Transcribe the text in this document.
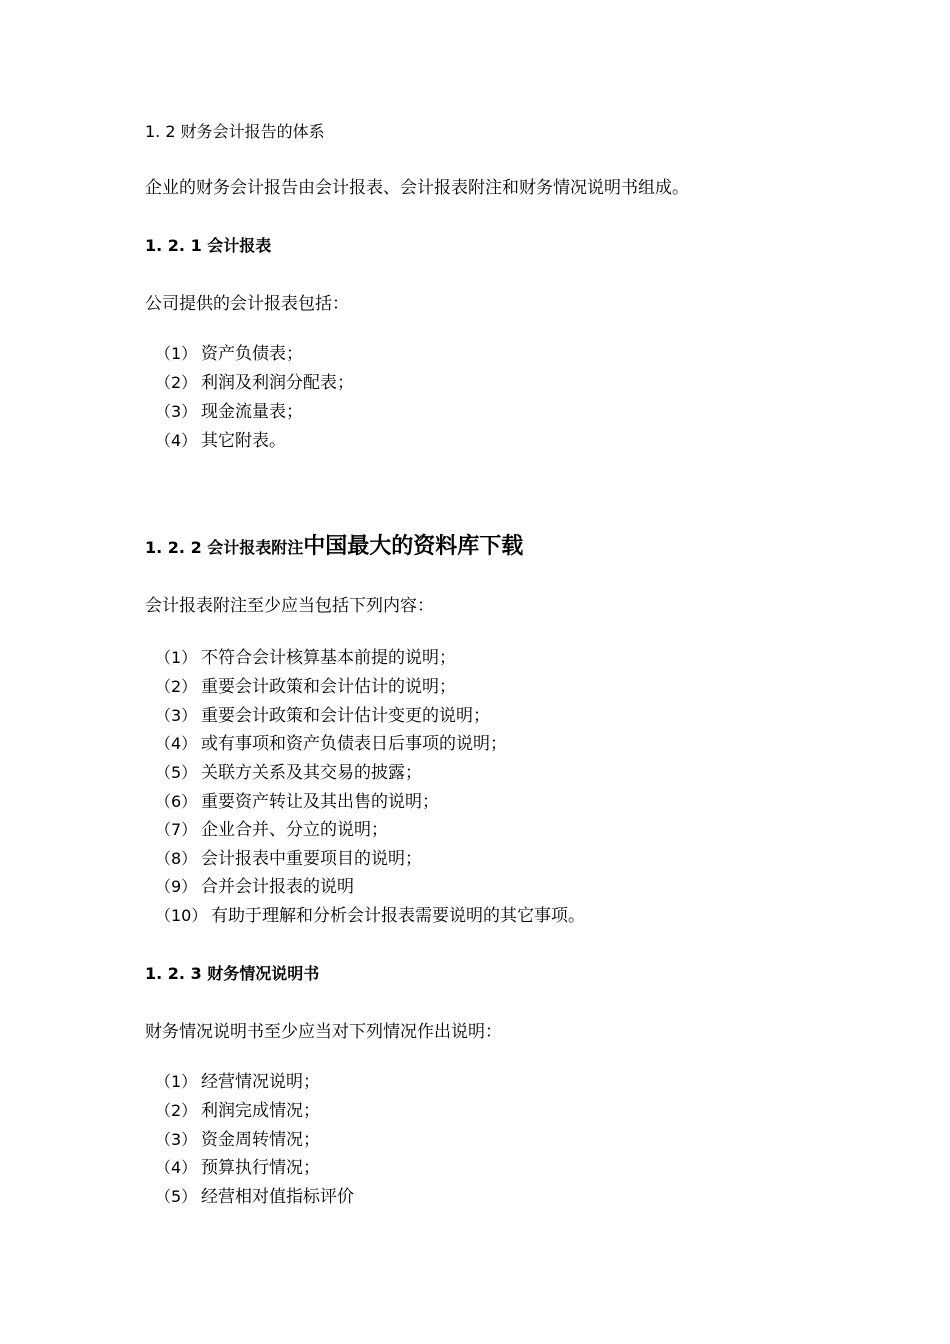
1. 2 财务会计报告的体系
企业的财务会计报告由会计报表、会计报表附注和财务情况说明书组成。
1. 2. 1 会计报表
公司提供的会计报表包括：
（1） 资产负债表；
（2） 利润及利润分配表；
（3） 现金流量表；
（4） 其它附表。
1. 2. 2 会计报表附注中国最大的资料库下载
会计报表附注至少应当包括下列内容：
（1） 不符合会计核算基本前提的说明；
（2） 重要会计政策和会计估计的说明；
（3） 重要会计政策和会计估计变更的说明；
（4） 或有事项和资产负债表日后事项的说明；
（5） 关联方关系及其交易的披露；
（6） 重要资产转让及其出售的说明；
（7） 企业合并、分立的说明；
（8） 会计报表中重要项目的说明；
（9） 合并会计报表的说明
（10） 有助于理解和分析会计报表需要说明的其它事项。
1. 2. 3 财务情况说明书
财务情况说明书至少应当对下列情况作出说明：
（1） 经营情况说明；
（2） 利润完成情况；
（3） 资金周转情况；
（4） 预算执行情况；
（5） 经营相对值指标评价
